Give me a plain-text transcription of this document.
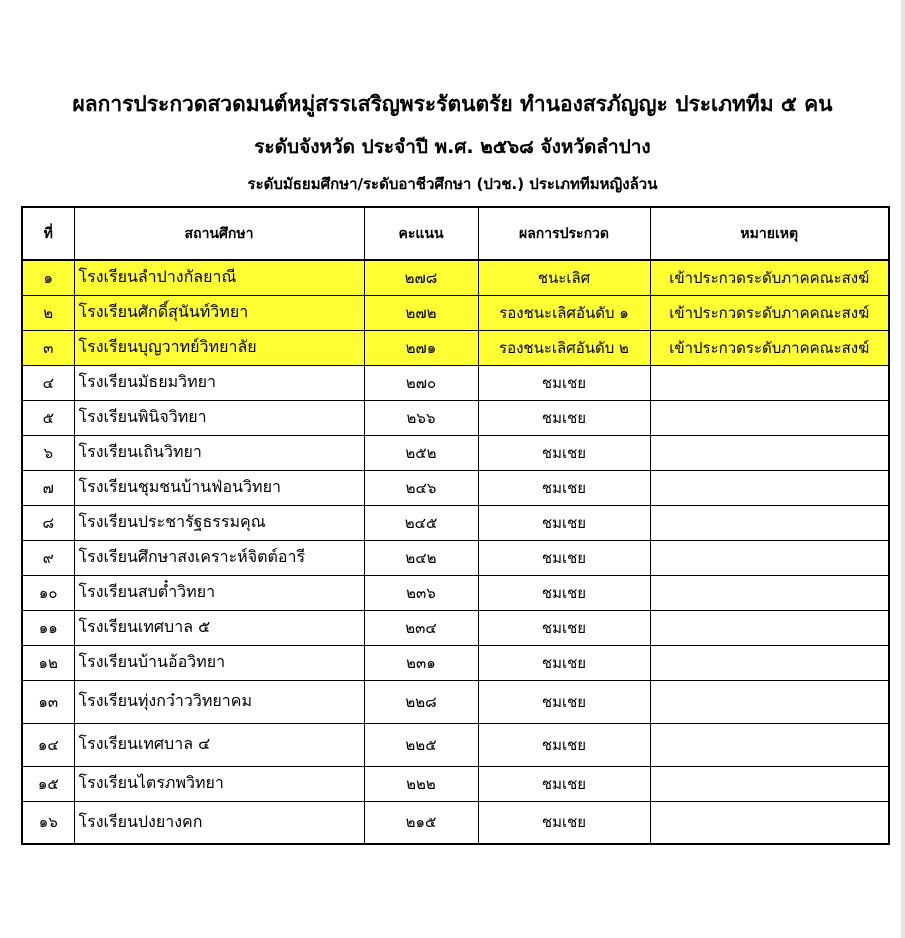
ผลการประกวดสวดมนต์หมู่สรรเสริญพระรัตนตรัย ทำนองสรภัญญะ ประเภททีม ๕ คน
ระดับจังหวัด ประจำปี พ.ศ. ๒๕๖๘ จังหวัดลำปาง
ระดับมัธยมศึกษา/ระดับอาชีวศึกษา (ปวช.) ประเภททีมหญิงล้วน
ที่	สถานศึกษา	คะแนน	ผลการประกวด	หมายเหตุ
๑	โรงเรียนลำปางกัลยาณี	๒๗๘	ชนะเลิศ	เข้าประกวดระดับภาคคณะสงฆ์
๒	โรงเรียนศักดิ์สุนันท์วิทยา	๒๗๒	รองชนะเลิศอันดับ ๑	เข้าประกวดระดับภาคคณะสงฆ์
๓	โรงเรียนบุญวาทย์วิทยาลัย	๒๗๑	รองชนะเลิศอันดับ ๒	เข้าประกวดระดับภาคคณะสงฆ์
๔	โรงเรียนมัธยมวิทยา	๒๗๐	ชมเชย	
๕	โรงเรียนพินิจวิทยา	๒๖๖	ชมเชย	
๖	โรงเรียนเถินวิทยา	๒๕๒	ชมเชย	
๗	โรงเรียนชุมชนบ้านฟ่อนวิทยา	๒๔๖	ชมเชย	
๘	โรงเรียนประชารัฐธรรมคุณ	๒๔๕	ชมเชย	
๙	โรงเรียนศึกษาสงเคราะห์จิตต์อารี	๒๔๒	ชมเชย	
๑๐	โรงเรียนสบต๋ำวิทยา	๒๓๖	ชมเชย	
๑๑	โรงเรียนเทศบาล ๕	๒๓๔	ชมเชย	
๑๒	โรงเรียนบ้านอ้อวิทยา	๒๓๑	ชมเชย	
๑๓	โรงเรียนทุ่งกว๋าววิทยาคม	๒๒๘	ชมเชย	
๑๔	โรงเรียนเทศบาล ๔	๒๒๕	ชมเชย	
๑๕	โรงเรียนไตรภพวิทยา	๒๒๒	ชมเชย	
๑๖	โรงเรียนปงยางคก	๒๑๕	ชมเชย	
